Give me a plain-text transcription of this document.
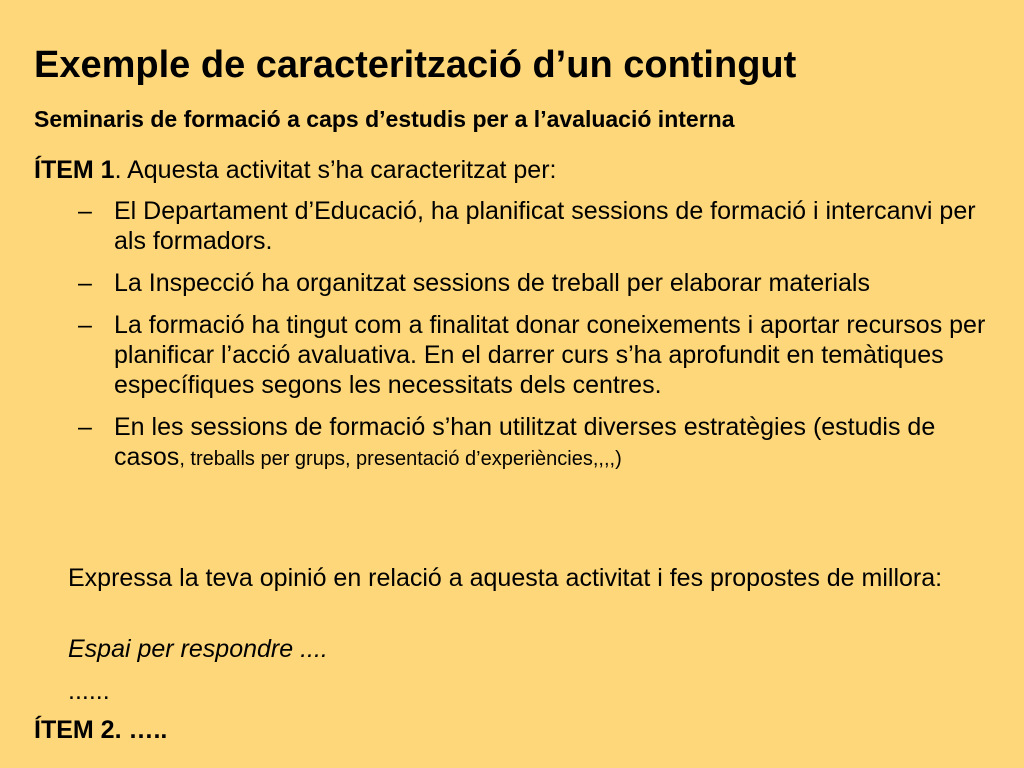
Exemple de caracterització d’un contingut
Seminaris de formació a caps d’estudis per a l’avaluació interna
ÍTEM 1. Aquesta activitat s’ha caracteritzat per:
– El Departament d’Educació, ha planificat sessions de formació i intercanvi per als formadors.
– La Inspecció ha organitzat sessions de treball per elaborar materials
– La formació ha tingut com a finalitat donar coneixements i aportar recursos per planificar l’acció avaluativa. En el darrer curs s’ha aprofundit en temàtiques específiques segons les necessitats dels centres.
– En les sessions de formació s’han utilitzat diverses estratègies (estudis de casos, treballs per grups, presentació d’experiències,,,,)
Expressa la teva opinió en relació a aquesta activitat i fes propostes de millora:
Espai per respondre ....
......
ÍTEM 2. …..
